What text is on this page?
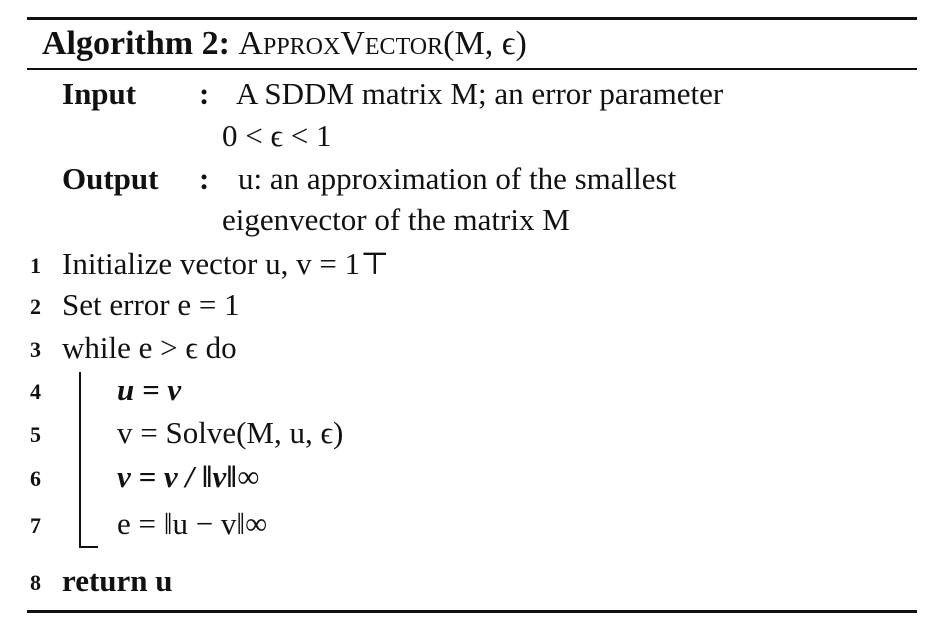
Algorithm 2: ApproxVector(M, ϵ)
Input : A SDDM matrix M; an error parameter
0 < ϵ < 1
Output : u: an approximation of the smallest
eigenvector of the matrix M
1 Initialize vector u, v = 1⊤
2 Set error e = 1
3 while e > ϵ do
4 u = v
5 v = Solve(M, u, ϵ)
6 v = v / ‖v‖∞
7 e = ‖u − v‖∞
8 return u
